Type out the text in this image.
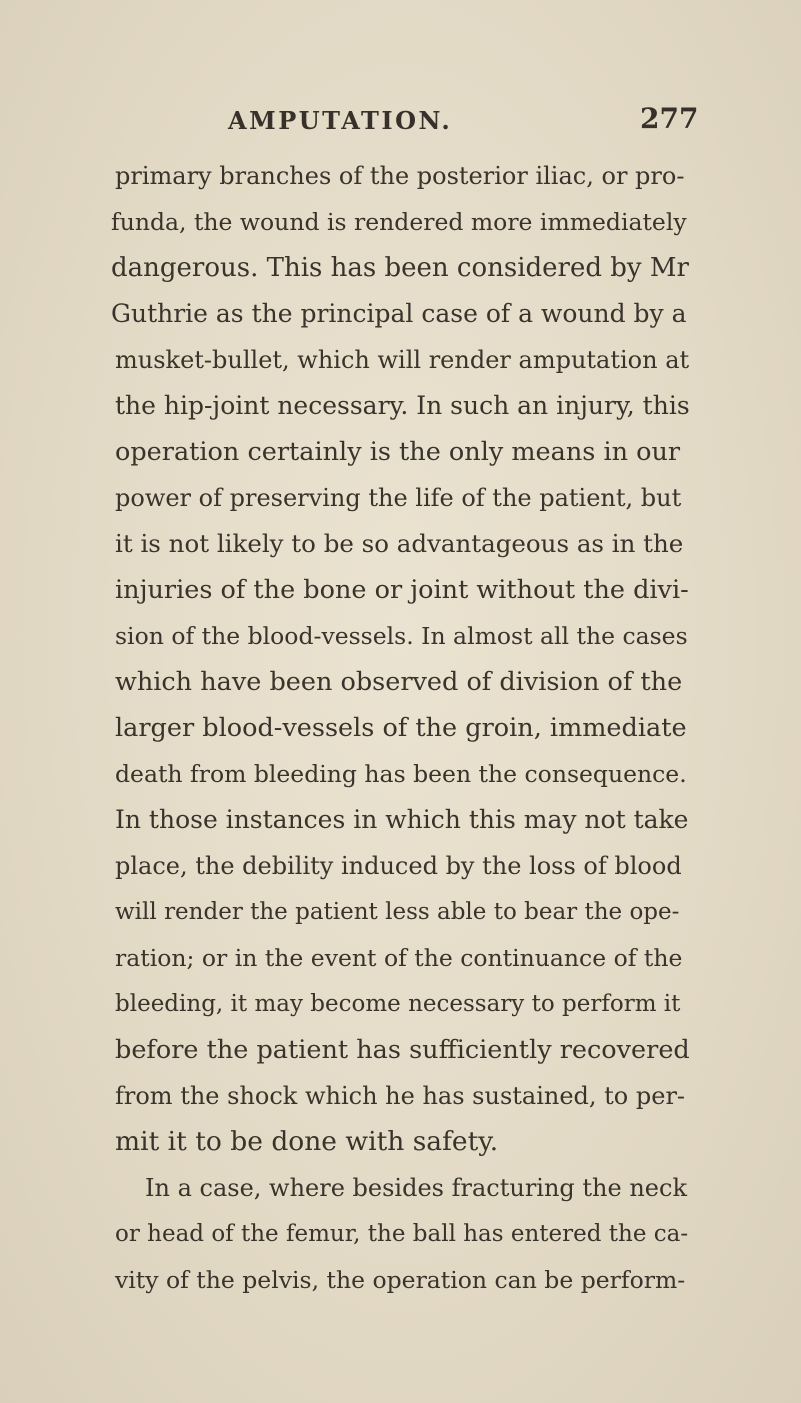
AMPUTATION.	277
primary branches of the posterior iliac, or pro-
funda, the wound is rendered more immediately
dangerous. This has been considered by Mr
Guthrie as the principal case of a wound by a
musket-bullet, which will render amputation at
the hip-joint necessary. In such an injury, this
operation certainly is the only means in our
power of preserving the life of the patient, but
it is not likely to be so advantageous as in the
injuries of the bone or joint without the divi-
sion of the blood-vessels. In almost all the cases
which have been observed of division of the
larger blood-vessels of the groin, immediate
death from bleeding has been the consequence.
In those instances in which this may not take
place, the debility induced by the loss of blood
will render the patient less able to bear the ope-
ration; or in the event of the continuance of the
bleeding, it may become necessary to perform it
before the patient has sufficiently recovered
from the shock which he has sustained, to per-
mit it to be done with safety.
In a case, where besides fracturing the neck
or head of the femur, the ball has entered the ca-
vity of the pelvis, the operation can be perform-
